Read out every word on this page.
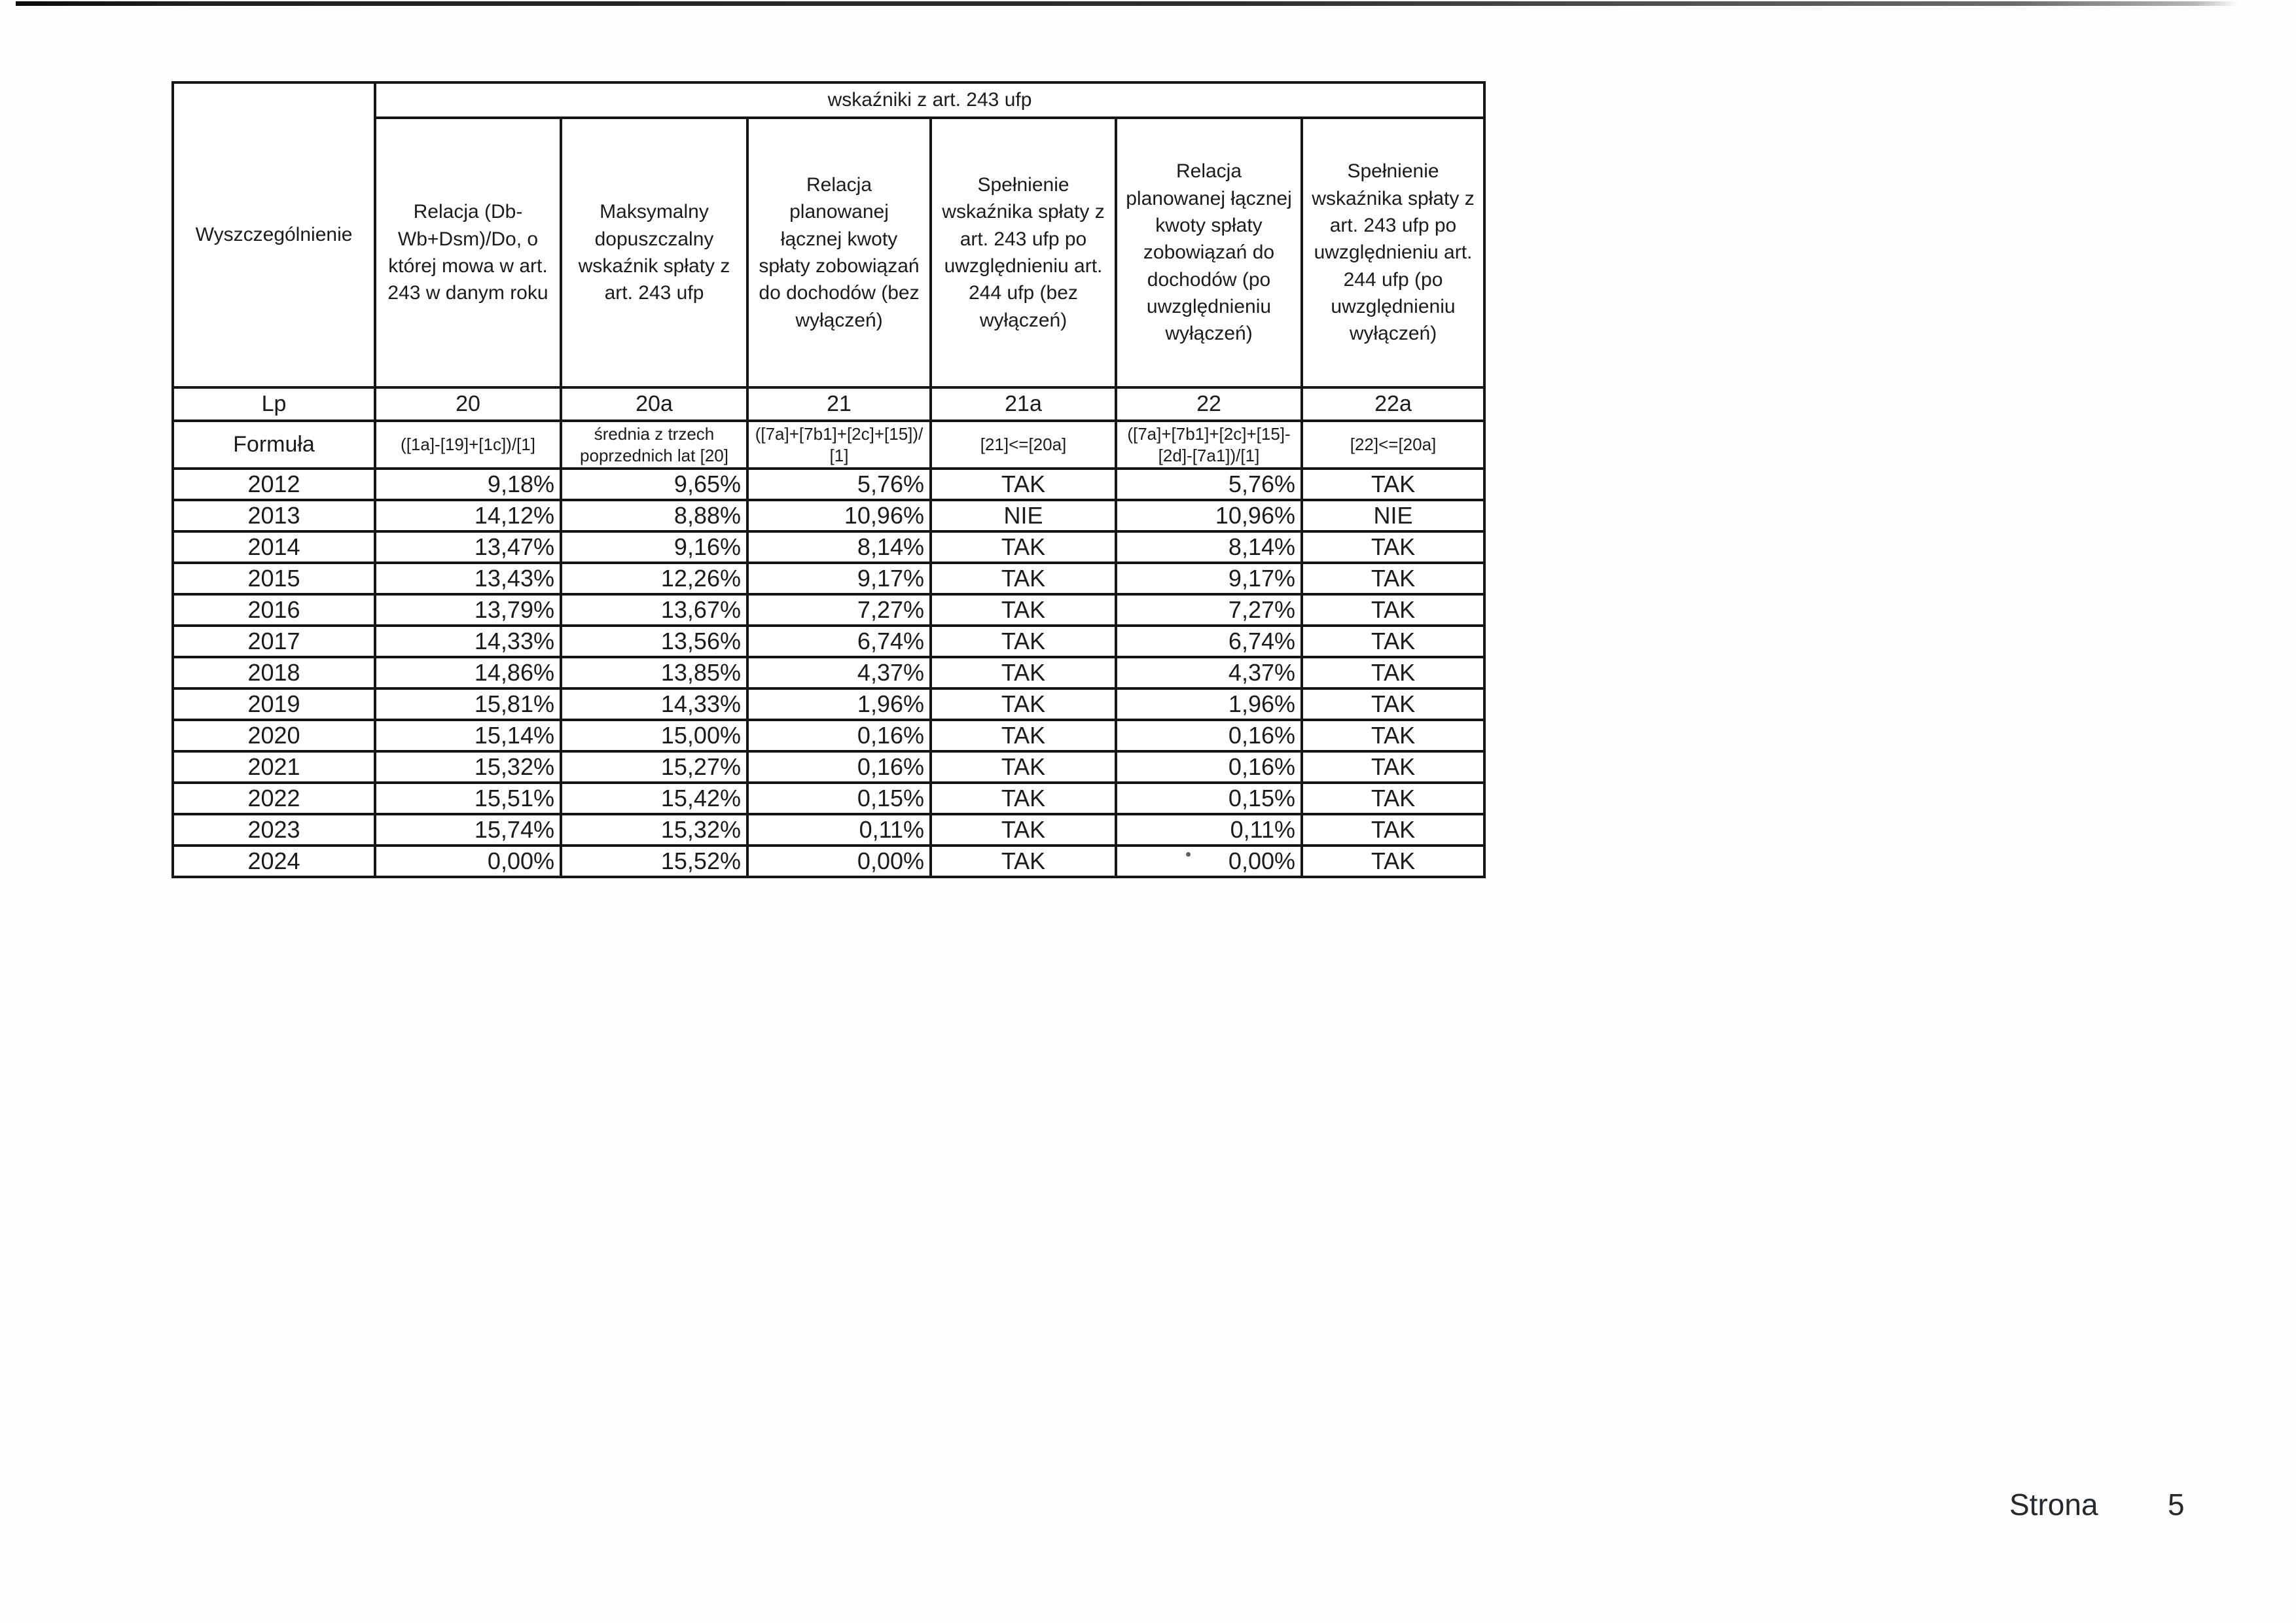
Wyszczególnienie	wskaźniki z art. 243 ufp					
	Relacja (Db-Wb+Dsm)/Do, o której mowa w art. 243 w danym roku	Maksymalny dopuszczalny wskaźnik spłaty z art. 243 ufp	Relacja planowanej łącznej kwoty spłaty zobowiązań do dochodów (bez wyłączeń)	Spełnienie wskaźnika spłaty z art. 243 ufp po uwzględnieniu art. 244 ufp (bez wyłączeń)	Relacja planowanej łącznej kwoty spłaty zobowiązań do dochodów (po uwzględnieniu wyłączeń)	Spełnienie wskaźnika spłaty z art. 243 ufp po uwzględnieniu art. 244 ufp (po uwzględnieniu wyłączeń)
Lp	20	20a	21	21a	22	22a
Formuła	([1a]-[19]+[1c])/[1]	średnia z trzech poprzednich lat [20]	([7a]+[7b1]+[2c]+[15])/ [1]	[21]<=[20a]	([7a]+[7b1]+[2c]+[15]- [2d]-[7a1])/[1]	[22]<=[20a]
2012	9,18%	9,65%	5,76%	TAK	5,76%	TAK
2013	14,12%	8,88%	10,96%	NIE	10,96%	NIE
2014	13,47%	9,16%	8,14%	TAK	8,14%	TAK
2015	13,43%	12,26%	9,17%	TAK	9,17%	TAK
2016	13,79%	13,67%	7,27%	TAK	7,27%	TAK
2017	14,33%	13,56%	6,74%	TAK	6,74%	TAK
2018	14,86%	13,85%	4,37%	TAK	4,37%	TAK
2019	15,81%	14,33%	1,96%	TAK	1,96%	TAK
2020	15,14%	15,00%	0,16%	TAK	0,16%	TAK
2021	15,32%	15,27%	0,16%	TAK	0,16%	TAK
2022	15,51%	15,42%	0,15%	TAK	0,15%	TAK
2023	15,74%	15,32%	0,11%	TAK	0,11%	TAK
2024	0,00%	15,52%	0,00%	TAK	0,00%	TAK
Strona 5
